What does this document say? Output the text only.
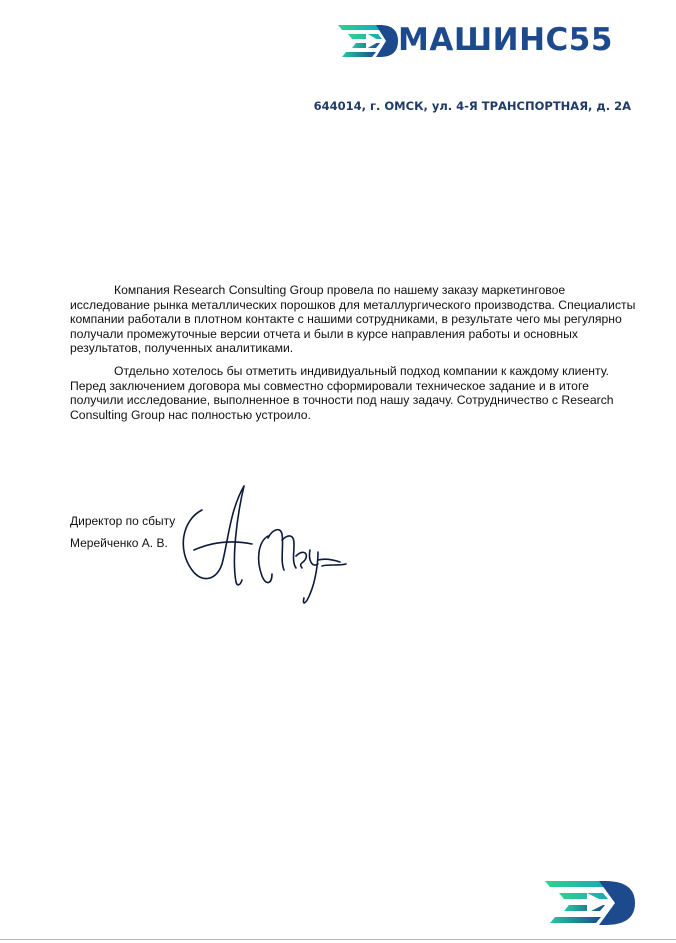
МАШИНС55
644014, г. ОМСК, ул. 4-Я ТРАНСПОРТНАЯ, д. 2А

Компания Research Consulting Group провела по нашему заказу маркетинговое исследование рынка металлических порошков для металлургического производства. Специалисты компании работали в плотном контакте с нашими сотрудниками, в результате чего мы регулярно получали промежуточные версии отчета и были в курсе направления работы и основных результатов, полученных аналитиками.

Отдельно хотелось бы отметить индивидуальный подход компании к каждому клиенту. Перед заключением договора мы совместно сформировали техническое задание и в итоге получили исследование, выполненное в точности под нашу задачу. Сотрудничество с Research Consulting Group нас полностью устроило.

Директор по сбыту
Мерейченко А. В.
